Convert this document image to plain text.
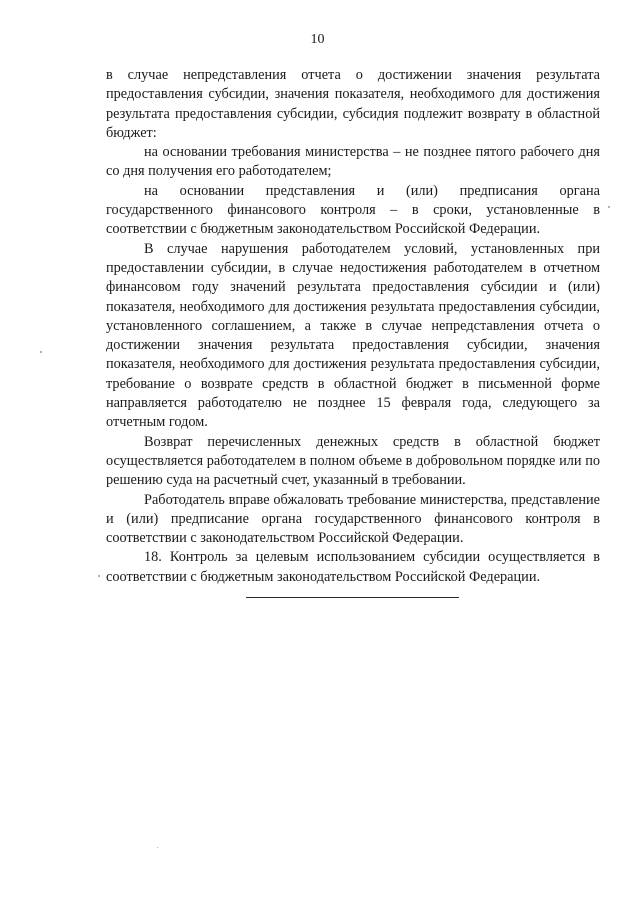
10

в случае непредставления отчета о достижении значения результата предоставления субсидии, значения показателя, необходимого для достижения результата предоставления субсидии, субсидия подлежит возврату в областной бюджет:

на основании требования министерства – не позднее пятого рабочего дня со дня получения его работодателем;

на основании представления и (или) предписания органа государственного финансового контроля – в сроки, установленные в соответствии с бюджетным законодательством Российской Федерации.

В случае нарушения работодателем условий, установленных при предоставлении субсидии, в случае недостижения работодателем в отчетном финансовом году значений результата предоставления субсидии и (или) показателя, необходимого для достижения результата предоставления субсидии, установленного соглашением, а также в случае непредставления отчета о достижении значения результата предоставления субсидии, значения показателя, необходимого для достижения результата предоставления субсидии, требование о возврате средств в областной бюджет в письменной форме направляется работодателю не позднее 15 февраля года, следующего за отчетным годом.

Возврат перечисленных денежных средств в областной бюджет осуществляется работодателем в полном объеме в добровольном порядке или по решению суда на расчетный счет, указанный в требовании.

Работодатель вправе обжаловать требование министерства, представление и (или) предписание органа государственного финансового контроля в соответствии с законодательством Российской Федерации.

18. Контроль за целевым использованием субсидии осуществляется в соответствии с бюджетным законодательством Российской Федерации.
